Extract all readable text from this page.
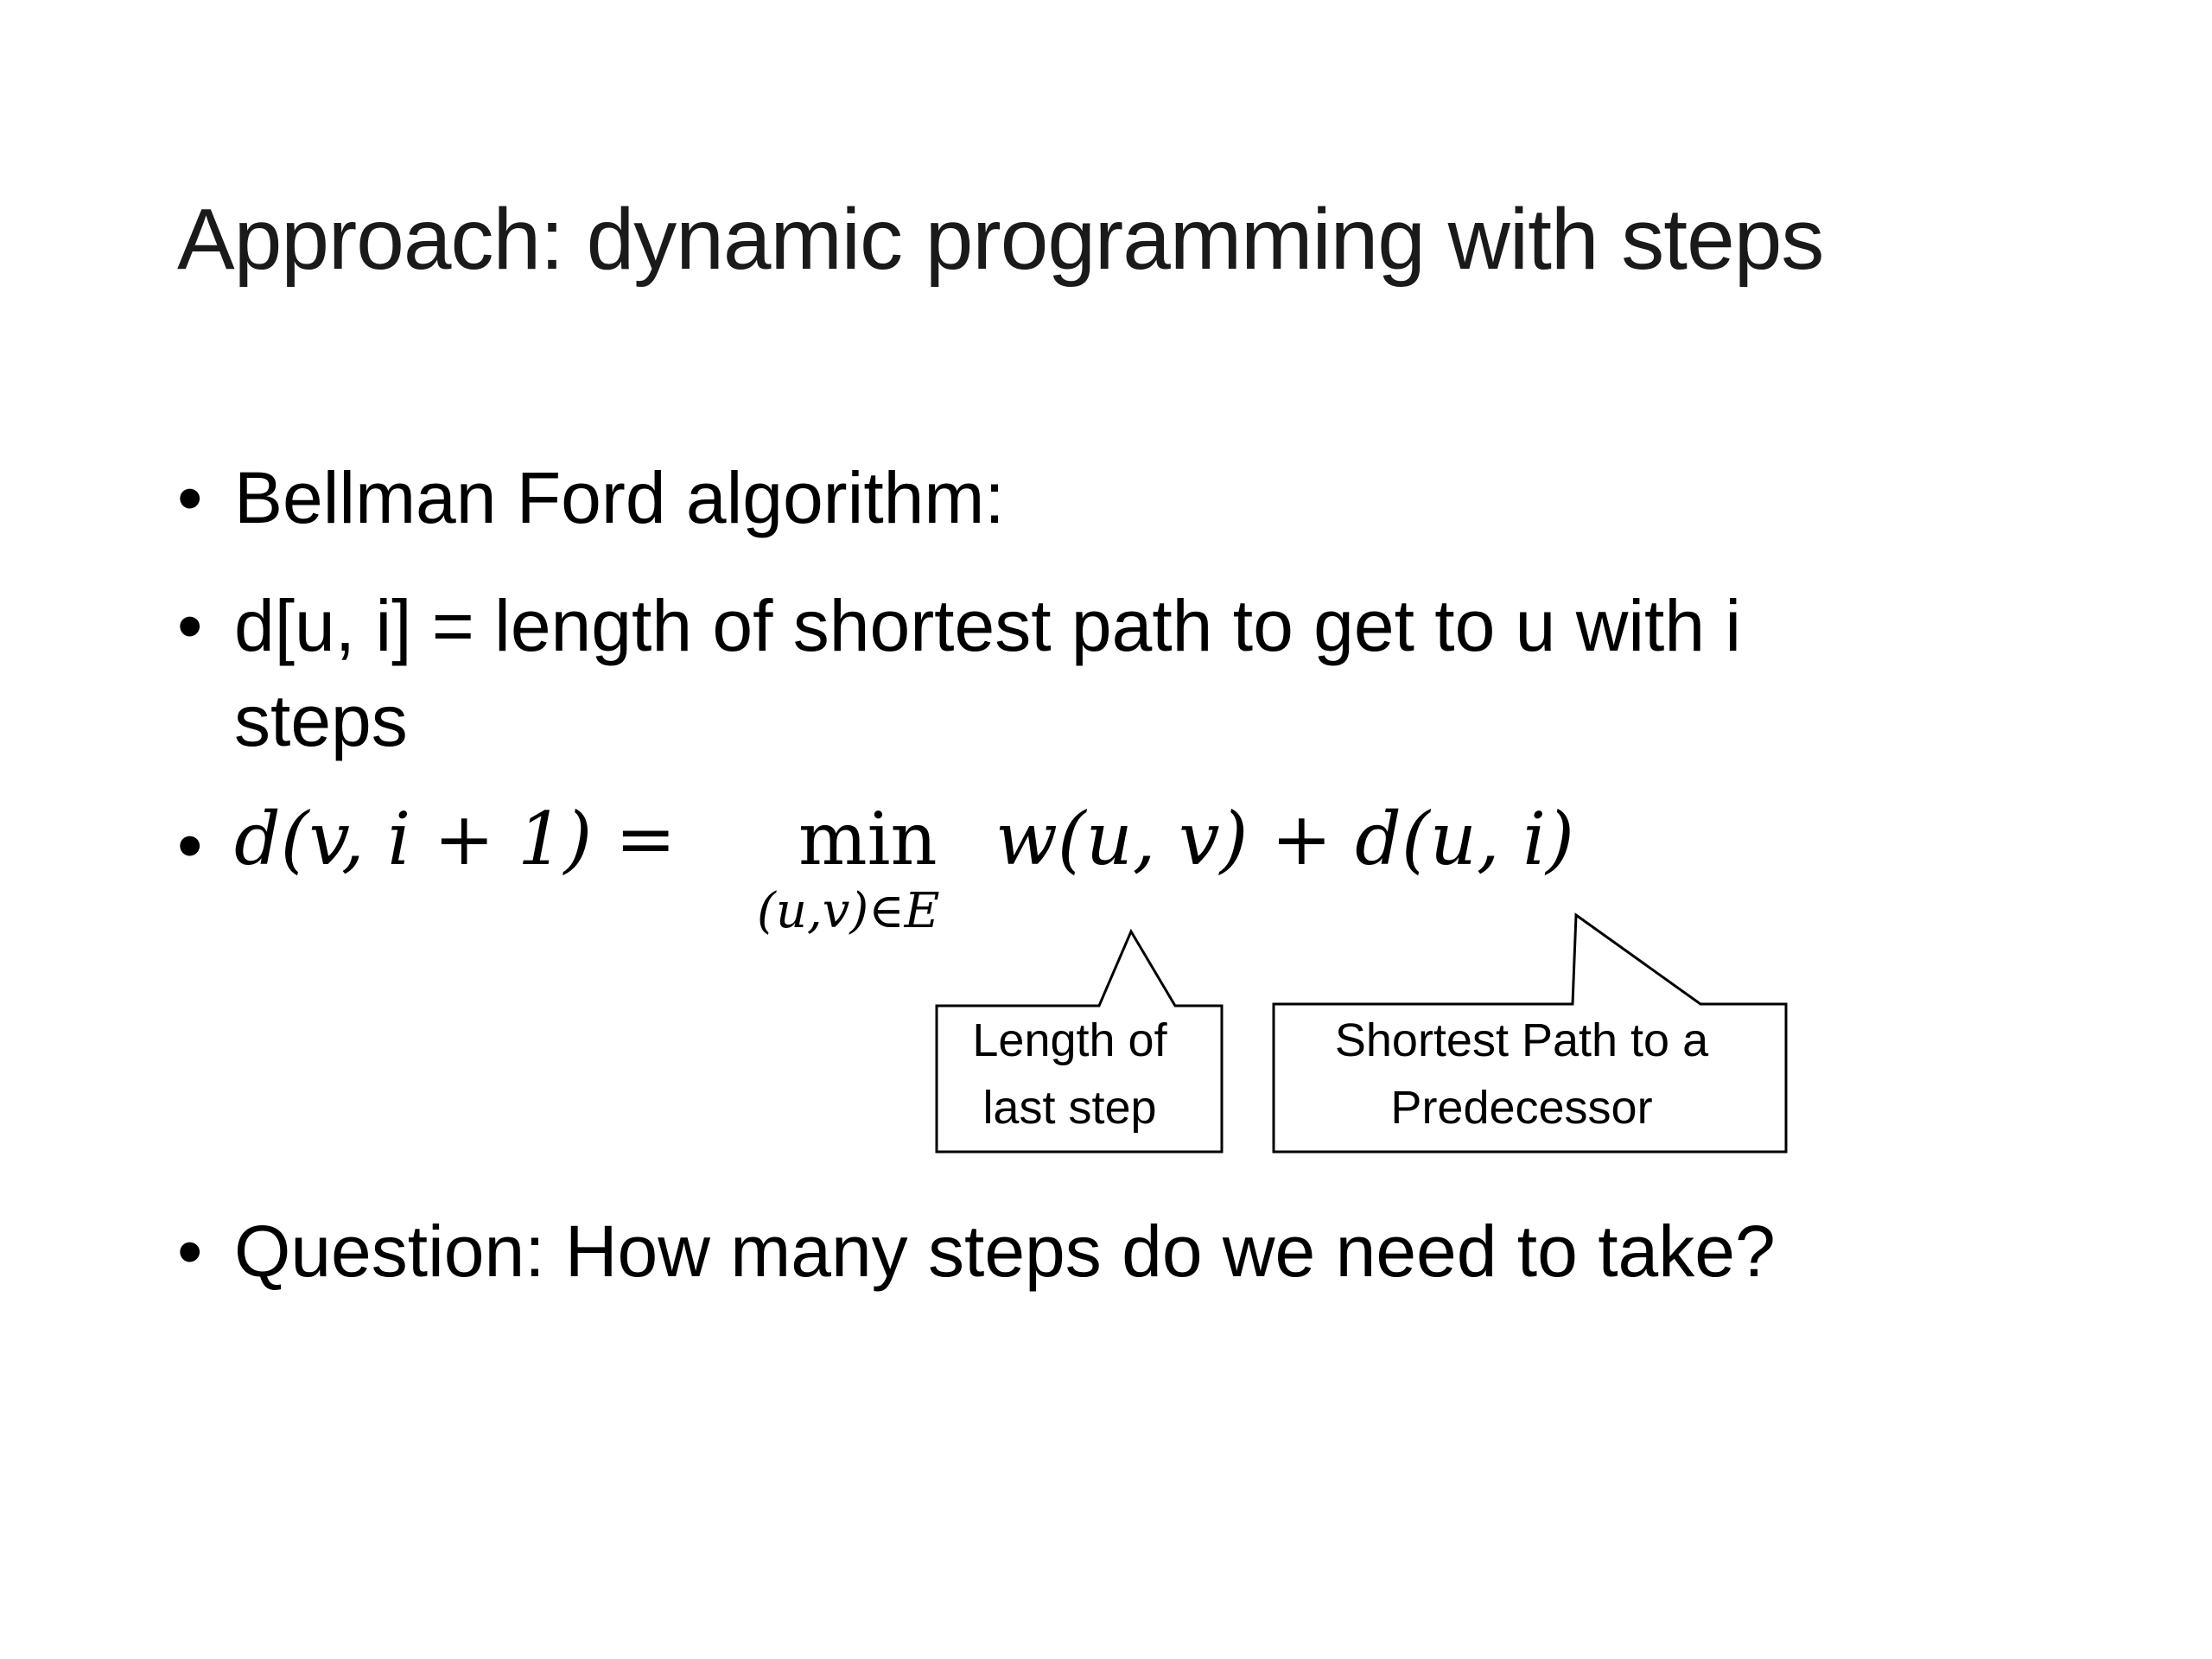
Approach: dynamic programming with steps
• Bellman Ford algorithm:
• d[u, i] = length of shortest path to get to u with i
steps
• d(v, i + 1) = min
(u,v)∈E
w(u, v) + d(u, i)
Length of
last step
Shortest Path to a
Predecessor
• Question: How many steps do we need to take?
